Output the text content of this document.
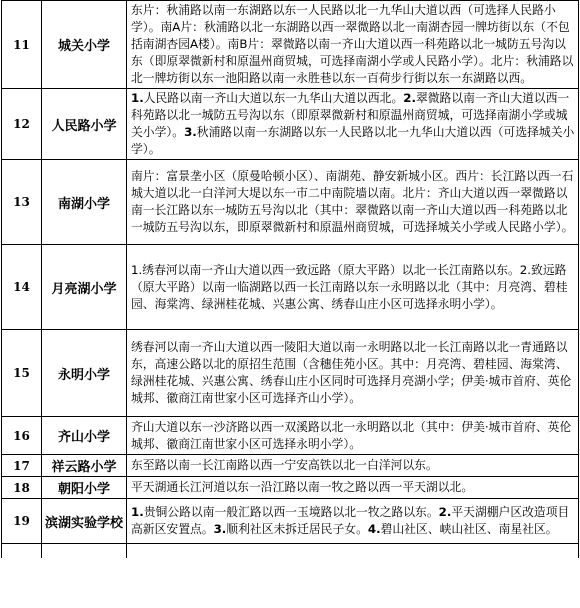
11	城关小学	东片：秋浦路以南一东湖路以东一人民路以北一九华山大道以西（可选择人民路小学）。南A片：秋浦路以北一东湖路以西一翠微路以北一南湖杏园一牌坊街以东（不包括南湖杏园A楼）。南B片：翠微路以南一齐山大道以西一科苑路以北一城防五号沟以东（即原翠微新村和原温州商贸城，可选择南湖小学或人民路小学）。北片：秋浦路以北一牌坊街以东一池阳路以南一永胜巷以东一百荷步行街以东一东湖路以西。
12	人民路小学	1.人民路以南一齐山大道以东一九华山大道以西北。2.翠微路以南一齐山大道以西一科苑路以北一城防五号沟以东（即原翠微新村和原温州商贸城，可选择南湖小学或城关小学）。3.秋浦路以南一东湖路以东一人民路以北一九华山大道以西（可选择城关小学）。
13	南湖小学	南片：富景垄小区（原曼哈顿小区）、南湖苑、静安新城小区。西片：长江路以西一石城大道以北一白洋河大堤以东一市二中南院墙以南。北片：齐山大道以西一翠微路以南一长江路以东一城防五号沟以北（其中：翠微路以南一齐山大道以西一科苑路以北一城防五号沟以东，即原翠微新村和原温州商贸城，可选择城关小学或人民路小学）。
14	月亮湖小学	1.绣春河以南一齐山大道以西一致远路（原大平路）以北一长江南路以东。2.致远路（原大平路）以南一临湖路以西一长江南路以东一永明路以北（其中：月亮湾、碧桂园、海棠湾、绿洲桂花城、兴惠公寓、绣春山庄小区可选择永明小学）。
15	永明小学	绣春河以南一齐山大道以西一陵阳大道以南一永明路以北一长江南路以北一青通路以东，高速公路以北的原招生范围（含穗佳苑小区。其中：月亮湾、碧桂园、海棠湾、绿洲桂花城、兴惠公寓、绣春山庄小区同时可选择月亮湖小学；伊美·城市首府、英伦城邦、徽商江南世家小区可选择齐山小学）。
16	齐山小学	齐山大道以东一沙济路以西一双溪路以北一永明路以北（其中：伊美·城市首府、英伦城邦、徽商江南世家小区可选择永明小学）。
17	祥云路小学	东至路以南一长江南路以西一宁安高铁以北一白洋河以东。
18	朝阳小学	平天湖通长江河道以东一沿江路以南一牧之路以西一平天湖以北。
19	滨湖实验学校	1.贵铜公路以南一般汇路以西一玉境路以北一牧之路以东。2.平天湖棚户区改造项目高新区安置点。3.顺利社区未拆迁居民子女。4.碧山社区、峡山社区、南星社区。
